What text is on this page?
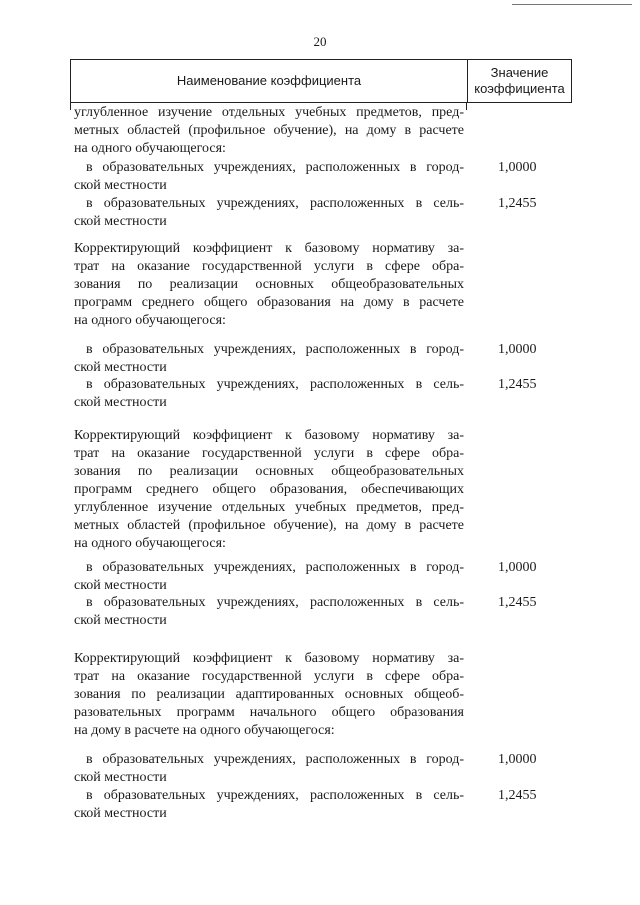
20
Наименование коэффициента
Значение
коэффициента
углубленное изучение отдельных учебных предметов, пред-
метных областей (профильное обучение), на дому в расчете
на одного обучающегося:
в образовательных учреждениях, расположенных в город-
ской местности
1,0000
в образовательных учреждениях, расположенных в сель-
ской местности
1,2455
Корректирующий коэффициент к базовому нормативу за-
трат на оказание государственной услуги в сфере обра-
зования по реализации основных общеобразовательных
программ среднего общего образования на дому в расчете
на одного обучающегося:
в образовательных учреждениях, расположенных в город-
ской местности
1,0000
в образовательных учреждениях, расположенных в сель-
ской местности
1,2455
Корректирующий коэффициент к базовому нормативу за-
трат на оказание государственной услуги в сфере обра-
зования по реализации основных общеобразовательных
программ среднего общего образования, обеспечивающих
углубленное изучение отдельных учебных предметов, пред-
метных областей (профильное обучение), на дому в расчете
на одного обучающегося:
в образовательных учреждениях, расположенных в город-
ской местности
1,0000
в образовательных учреждениях, расположенных в сель-
ской местности
1,2455
Корректирующий коэффициент к базовому нормативу за-
трат на оказание государственной услуги в сфере обра-
зования по реализации адаптированных основных общеоб-
разовательных программ начального общего образования
на дому в расчете на одного обучающегося:
в образовательных учреждениях, расположенных в город-
ской местности
1,0000
в образовательных учреждениях, расположенных в сель-
ской местности
1,2455
